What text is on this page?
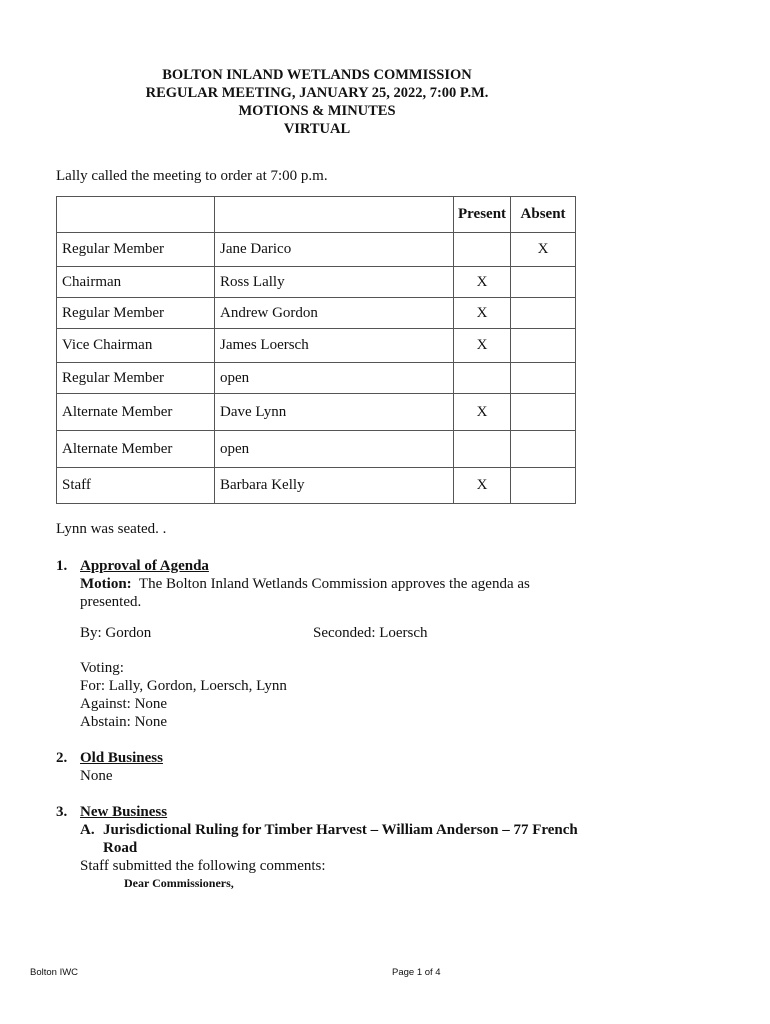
BOLTON INLAND WETLANDS COMMISSION
REGULAR MEETING, JANUARY 25, 2022, 7:00 P.M.
MOTIONS & MINUTES
VIRTUAL
Lally called the meeting to order at 7:00 p.m.
		Present	Absent
Regular Member	Jane Darico		X
Chairman	Ross Lally	X	
Regular Member	Andrew Gordon	X	
Vice Chairman	James Loersch	X	
Regular Member	open		
Alternate Member	Dave Lynn	X	
Alternate Member	open		
Staff	Barbara Kelly	X	
Lynn was seated. .
1. Approval of Agenda
Motion: The Bolton Inland Wetlands Commission approves the agenda as
presented.
By: Gordon	Seconded: Loersch
Voting:
For: Lally, Gordon, Loersch, Lynn
Against: None
Abstain: None
2. Old Business
None
3. New Business
A. Jurisdictional Ruling for Timber Harvest – William Anderson – 77 French
Road
Staff submitted the following comments:
Dear Commissioners,
Bolton IWC	Page 1 of 4
